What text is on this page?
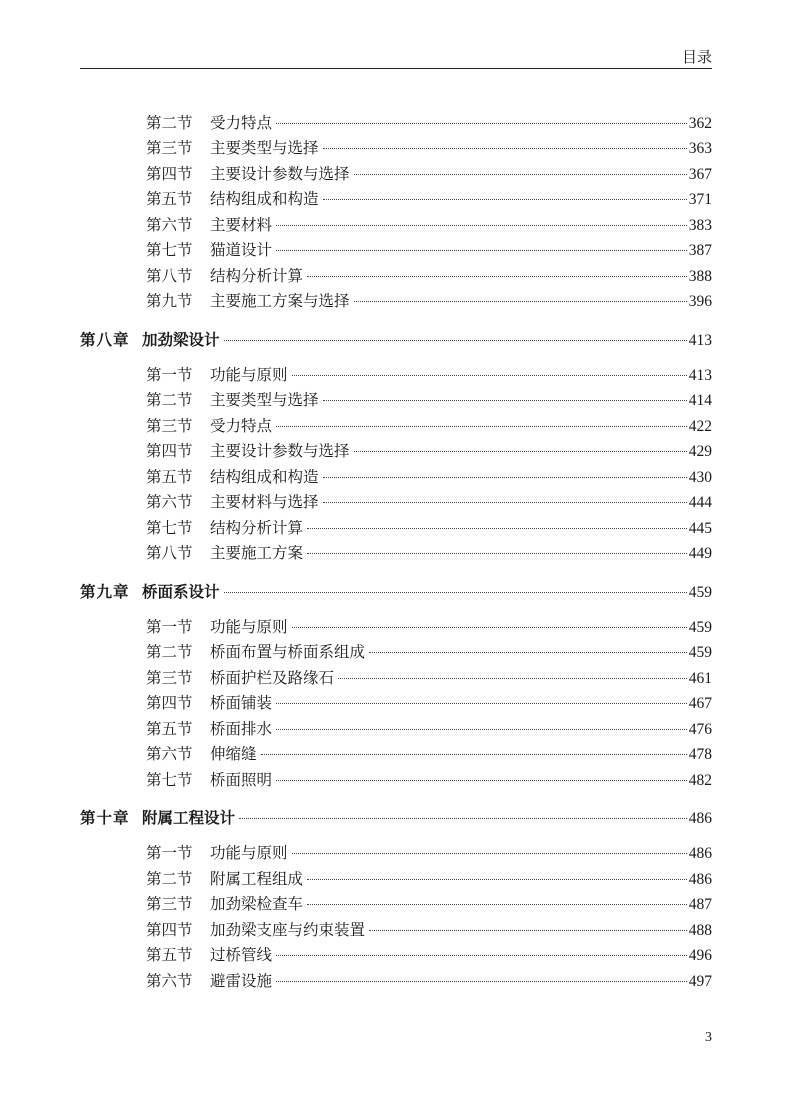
目录
第二节	受力特点	362
第三节	主要类型与选择	363
第四节	主要设计参数与选择	367
第五节	结构组成和构造	371
第六节	主要材料	383
第七节	猫道设计	387
第八节	结构分析计算	388
第九节	主要施工方案与选择	396
第八章 加劲梁设计	413
第一节	功能与原则	413
第二节	主要类型与选择	414
第三节	受力特点	422
第四节	主要设计参数与选择	429
第五节	结构组成和构造	430
第六节	主要材料与选择	444
第七节	结构分析计算	445
第八节	主要施工方案	449
第九章 桥面系设计	459
第一节	功能与原则	459
第二节	桥面布置与桥面系组成	459
第三节	桥面护栏及路缘石	461
第四节	桥面铺装	467
第五节	桥面排水	476
第六节	伸缩缝	478
第七节	桥面照明	482
第十章 附属工程设计	486
第一节	功能与原则	486
第二节	附属工程组成	486
第三节	加劲梁检查车	487
第四节	加劲梁支座与约束装置	488
第五节	过桥管线	496
第六节	避雷设施	497
3
